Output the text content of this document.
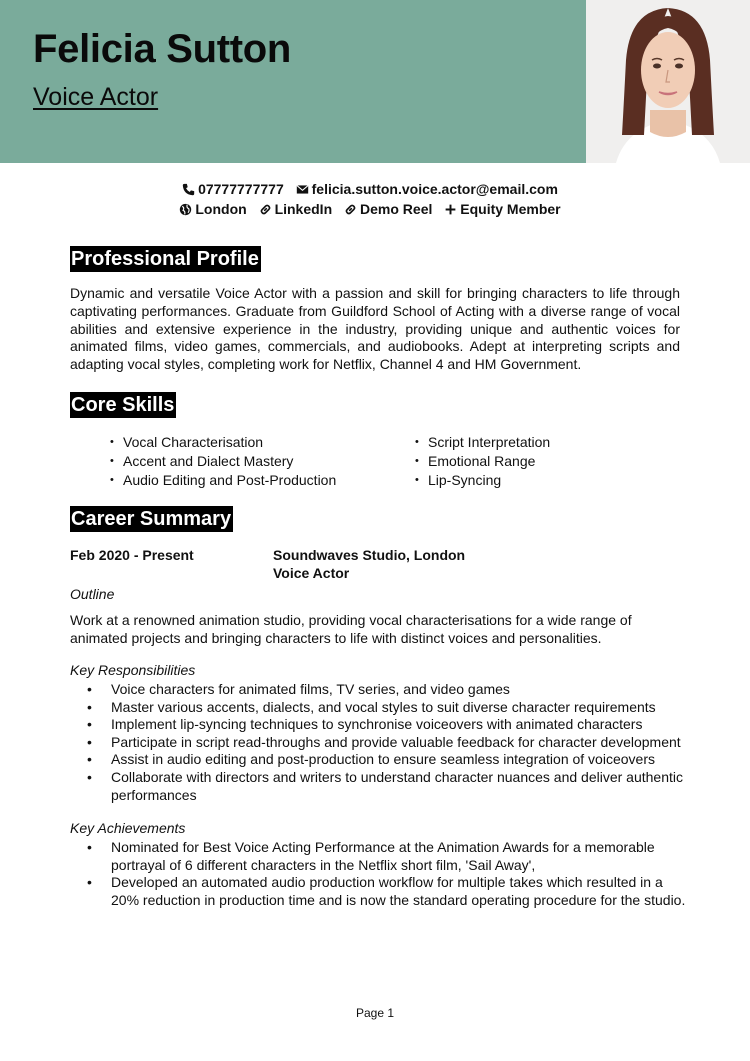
Felicia Sutton
Voice Actor
07777777777 felicia.sutton.voice.actor@email.com
London LinkedIn Demo Reel Equity Member
Professional Profile

Dynamic and versatile Voice Actor with a passion and skill for bringing characters to life through captivating performances. Graduate from Guildford School of Acting with a diverse range of vocal abilities and extensive experience in the industry, providing unique and authentic voices for animated films, video games, commercials, and audiobooks. Adept at interpreting scripts and adapting vocal styles, completing work for Netflix, Channel 4 and HM Government.

Core Skills
• Vocal Characterisation
• Accent and Dialect Mastery
• Audio Editing and Post-Production
• Script Interpretation
• Emotional Range
• Lip-Syncing
Career Summary
Feb 2020 - Present	Soundwaves Studio, London
Voice Actor
Outline

Work at a renowned animation studio, providing vocal characterisations for a wide range of animated projects and bringing characters to life with distinct voices and personalities.

Key Responsibilities
• Voice characters for animated films, TV series, and video games
• Master various accents, dialects, and vocal styles to suit diverse character requirements
• Implement lip-syncing techniques to synchronise voiceovers with animated characters
• Participate in script read-throughs and provide valuable feedback for character development
• Assist in audio editing and post-production to ensure seamless integration of voiceovers
• Collaborate with directors and writers to understand character nuances and deliver authentic performances
Key Achievements
• Nominated for Best Voice Acting Performance at the Animation Awards for a memorable portrayal of 6 different characters in the Netflix short film, 'Sail Away',
• Developed an automated audio production workflow for multiple takes which resulted in a 20% reduction in production time and is now the standard operating procedure for the studio.
Page 1
